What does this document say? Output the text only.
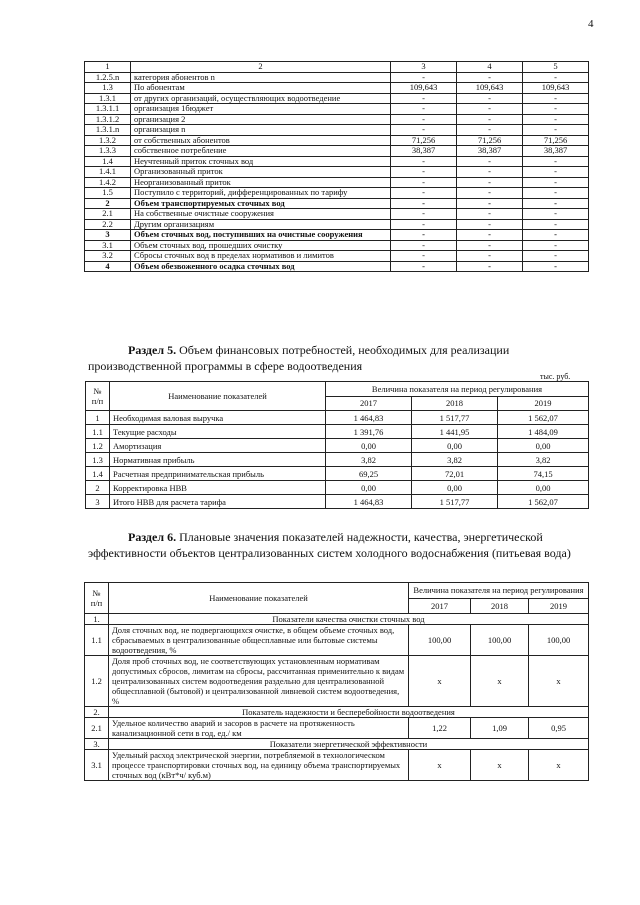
4
1	2	3	4	5
1.2.5.n	категория абонентов n	-	-	-
1.3	По абонентам	109,643	109,643	109,643
1.3.1	от других организаций, осуществляющих водоотведение	-	-	-
1.3.1.1	организация 1бюджет	-	-	-
1.3.1.2	организация 2	-	-	-
1.3.1.n	организация n	-	-	-
1.3.2	от собственных абонентов	71,256	71,256	71,256
1.3.3	собственное потребление	38,387	38,387	38,387
1.4	Неучтенный приток сточных вод	-	-	-
1.4.1	Организованный приток	-	-	-
1.4.2	Неорганизованный приток	-	-	-
1.5	Поступило с территорий, дифференцированных по тарифу	-	-	-
2	Объем транспортируемых сточных вод	-	-	-
2.1	На собственные очистные сооружения	-	-	-
2.2	Другим организациям	-	-	-
3	Объем сточных вод, поступивших на очистные сооружения	-	-	-
3.1	Объем сточных вод, прошедших очистку	-	-	-
3.2	Сбросы сточных вод в пределах нормативов и лимитов	-	-	-
4	Объем обезвоженного осадка сточных вод	-	-	-
Раздел 5. Объем финансовых потребностей, необходимых для реализации производственной программы в сфере водоотведения
тыс. руб.
№ п/п	Наименование показателей	Величина показателя на период регулирования		
		2017	2018	2019
1	Необходимая валовая выручка	1 464,83	1 517,77	1 562,07
1.1	Текущие расходы	1 391,76	1 441,95	1 484,09
1.2	Амортизация	0,00	0,00	0,00
1.3	Нормативная прибыль	3,82	3,82	3,82
1.4	Расчетная предпринимательская прибыль	69,25	72,01	74,15
2	Корректировка НВВ	0,00	0,00	0,00
3	Итого НВВ для расчета тарифа	1 464,83	1 517,77	1 562,07
Раздел 6. Плановые значения показателей надежности, качества, энергетической эффективности объектов централизованных систем холодного водоснабжения (питьевая вода)
№ п/п	Наименование показателей	Величина показателя на период регулирования		
		2017	2018	2019
1.	Показатели качества очистки сточных вод			
1.1	Доля сточных вод, не подвергающихся очистке, в общем объеме сточных вод, сбрасываемых в централизованные общесплавные или бытовые системы водоотведения, %	100,00	100,00	100,00
1.2	Доля проб сточных вод, не соответствующих установленным нормативам допустимых сбросов, лимитам на сбросы, рассчитанная применительно к видам централизованных систем водоотведения раздельно для централизованной общесплавной (бытовой) и централизованной ливневой систем водоотведения, %	х	х	х
2.	Показатель надежности и бесперебойности водоотведения			
2.1	Удельное количество аварий и засоров в расчете на протяженность канализационной сети в год, ед./ км	1,22	1,09	0,95
3.	Показатели энергетической эффективности			
3.1	Удельный расход электрической энергии, потребляемой в технологическом процессе транспортировки сточных вод, на единицу объема транспортируемых сточных вод (кВт*ч/ куб.м)	х	х	х
